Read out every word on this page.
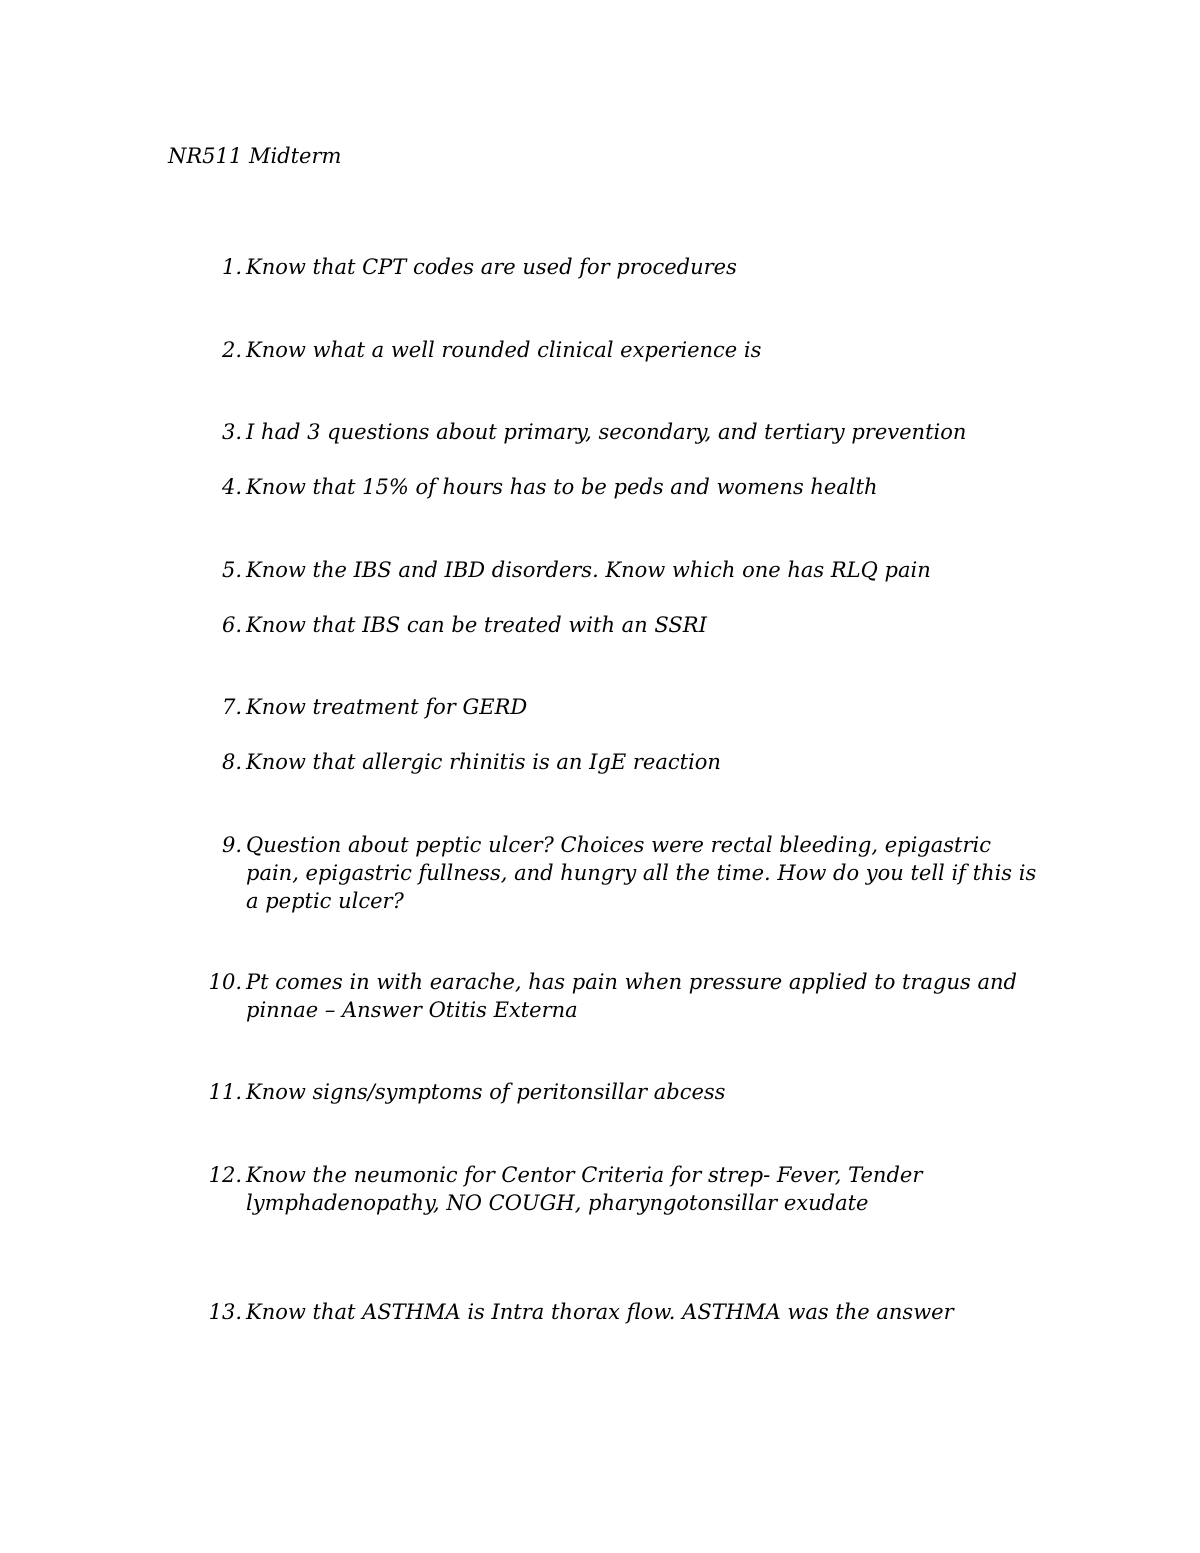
NR511 Midterm
1. Know that CPT codes are used for procedures
2. Know what a well rounded clinical experience is
3. I had 3 questions about primary, secondary, and tertiary prevention
4. Know that 15% of hours has to be peds and womens health
5. Know the IBS and IBD disorders. Know which one has RLQ pain
6. Know that IBS can be treated with an SSRI
7. Know treatment for GERD
8. Know that allergic rhinitis is an IgE reaction
9. Question about peptic ulcer? Choices were rectal bleeding, epigastric pain, epigastric fullness, and hungry all the time. How do you tell if this is a peptic ulcer?
10. Pt comes in with earache, has pain when pressure applied to tragus and pinnae – Answer Otitis Externa
11. Know signs/symptoms of peritonsillar abcess
12. Know the neumonic for Centor Criteria for strep- Fever, Tender lymphadenopathy, NO COUGH, pharyngotonsillar exudate
13. Know that ASTHMA is Intra thorax flow. ASTHMA was the answer
